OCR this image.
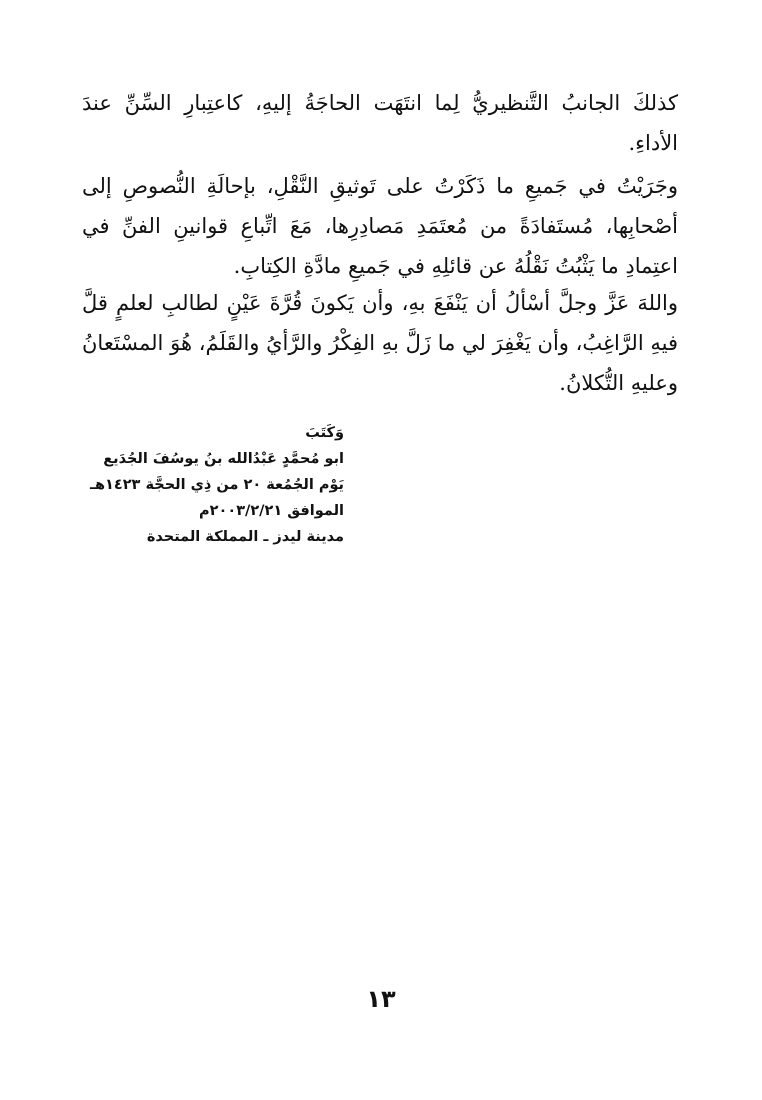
كذلكَ الجانبُ التَّنظيريُّ لِما انتَهَت الحاجَةُ إليهِ، كاعتِبارِ السِّنِّ عندَ الأداءِ.

وجَرَيْتُ في جَميعِ ما ذَكَرْتُ على تَوثيقِ النَّقْلِ، بإحالَةِ النُّصوصِ إلى أصْحابِها، مُستَفادَةً من مُعتَمَدِ مَصادِرِها، مَعَ اتِّباعِ قوانينِ الفنِّ في اعتِمادِ ما يَثْبُتُ نَقْلُهُ عن قائلِهِ في جَميعِ مادَّةِ الكِتابِ.

واللهَ عَزَّ وجلَّ أسْألُ أن يَنْفَعَ بهِ، وأن يَكونَ قُرَّةَ عَيْنٍ لطالبِ لعلمٍ قلَّ فيهِ الرَّاغِبُ، وأن يَغْفِرَ لي ما زَلَّ بهِ الفِكْرُ والرَّأيُ والقَلَمُ، هُوَ المسْتَعانُ وعليهِ التُّكلانُ.

وَكَتَبَ
ابو مُحمَّدٍ عَبْدُالله بنُ يوسُفَ الجُدَيع
يَوْم الجُمُعة ٢٠ من ذِي الحجَّة ١٤٢٣هـ
الموافق ٢٠٠٣/٢/٢١م
مدينة ليدز ـ المملكة المتحدة
١٣
